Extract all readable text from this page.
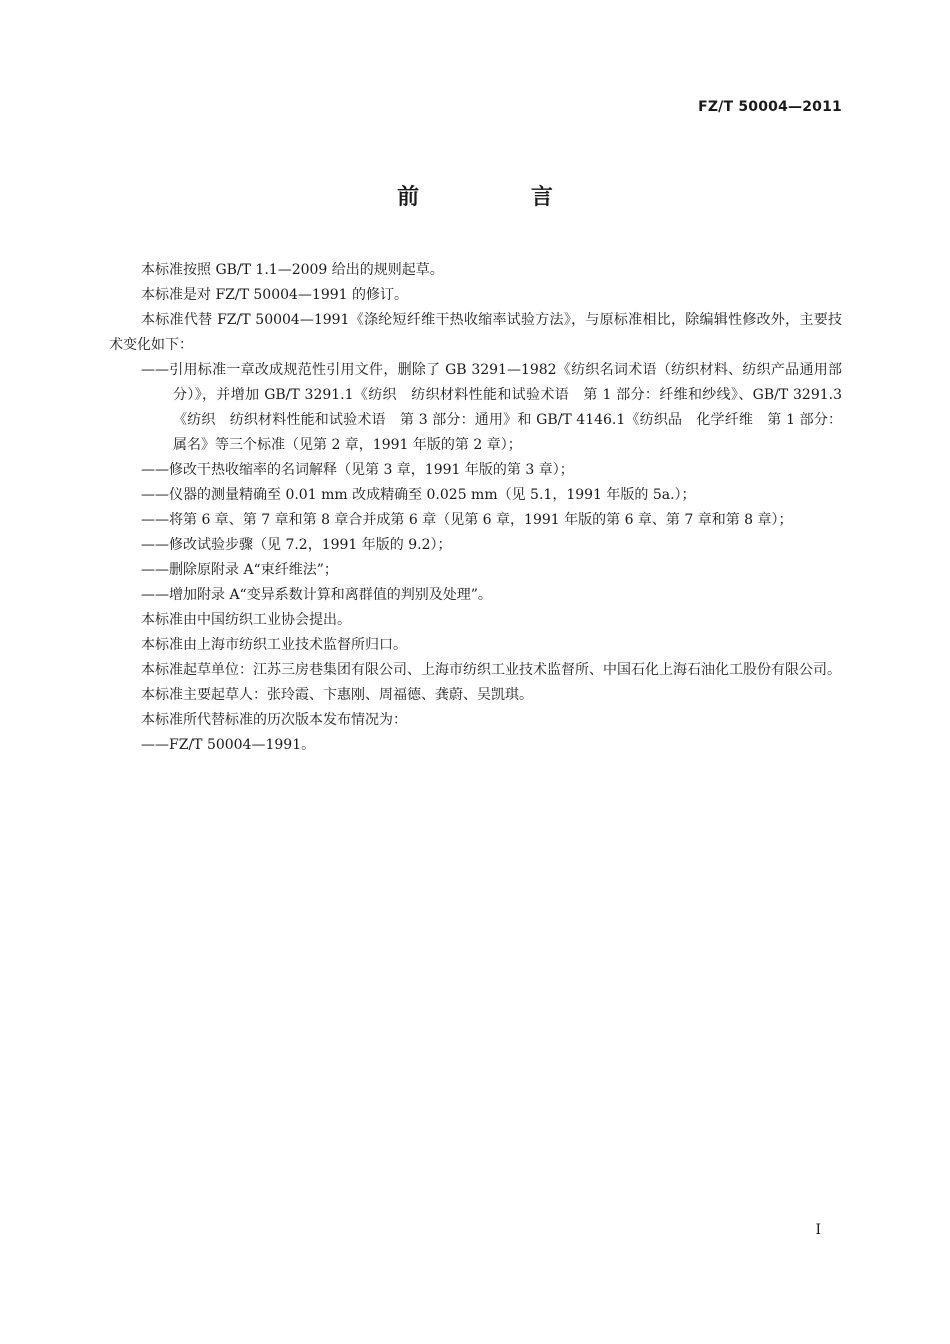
FZ/T 50004—2011
前 言

本标准按照 GB/T 1.1—2009 给出的规则起草。

本标准是对 FZ/T 50004—1991 的修订。

本标准代替 FZ/T 50004—1991《涤纶短纤维干热收缩率试验方法》，与原标准相比，除编辑性修改外，主要技术变化如下：

——引用标准一章改成规范性引用文件，删除了 GB 3291—1982《纺织名词术语（纺织材料、纺织产品通用部分）》，并增加 GB/T 3291.1《纺织　纺织材料性能和试验术语　第 1 部分：纤维和纱线》、GB/T 3291.3《纺织　纺织材料性能和试验术语　第 3 部分：通用》和 GB/T 4146.1《纺织品　化学纤维　第 1 部分：属名》等三个标准（见第 2 章，1991 年版的第 2 章）；

——修改干热收缩率的名词解释（见第 3 章，1991 年版的第 3 章）；

——仪器的测量精确至 0.01 mm 改成精确至 0.025 mm（见 5.1，1991 年版的 5a.）；

——将第 6 章、第 7 章和第 8 章合并成第 6 章（见第 6 章，1991 年版的第 6 章、第 7 章和第 8 章）；

——修改试验步骤（见 7.2，1991 年版的 9.2）；

——删除原附录 A“束纤维法”；

——增加附录 A“变异系数计算和离群值的判别及处理”。

本标准由中国纺织工业协会提出。

本标准由上海市纺织工业技术监督所归口。

本标准起草单位：江苏三房巷集团有限公司、上海市纺织工业技术监督所、中国石化上海石油化工股份有限公司。

本标准主要起草人：张玲霞、卞惠刚、周福德、龚蔚、吴凯琪。

本标准所代替标准的历次版本发布情况为：

——FZ/T 50004—1991。

I
